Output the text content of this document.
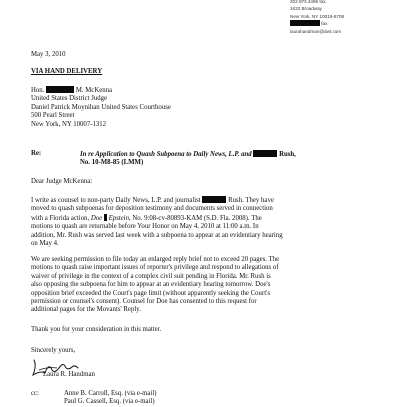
202.973.4496 fax
1633 Broadway
New York, NY 10019-6708
fax
laurahandman@dwt.com
May 3, 2010
VIA HAND DELIVERY
Hon.	M. McKenna
United States District Judge
Daniel Patrick Moynihan United States Courthouse
500 Pearl Street
New York, NY 10007-1312
Re:	In re Application to Quash Subpoena to Daily News, L.P. and	Rush,
No. 10-M8-85 (LMM)
Dear Judge McKenna:
I write as counsel to non-party Daily News, L.P. and journalist	Rush. They have
moved to quash subpoenas for deposition testimony and documents served in connection
with a Florida action, Doe Epstein, No. 9:08-cv-80893-KAM (S.D. Fla. 2008). The
motions to quash are returnable before Your Honor on May 4, 2010 at 11:00 a.m. In
addition, Mr. Rush was served last week with a subpoena to appear at an evidentiary hearing
on May 4.
We are seeking permission to file today an enlarged reply brief not to exceed 20 pages. The
motions to quash raise important issues of reporter's privilege and respond to allegations of
waiver of privilege in the context of a complex civil suit pending in Florida. Mr. Rush is
also opposing the subpoena for him to appear at an evidentiary hearing tomorrow. Doe's
opposition brief exceeded the Court's page limit (without apparently seeking the Court's
permission or counsel's consent). Counsel for Doe has consented to this request for
additional pages for the Movants' Reply.
Thank you for your consideration in this matter.
Sincerely yours,
Laura R. Handman
cc:	Anne B. Carroll, Esq. (via e-mail)
Paul G. Cassell, Esq. (via e-mail)
